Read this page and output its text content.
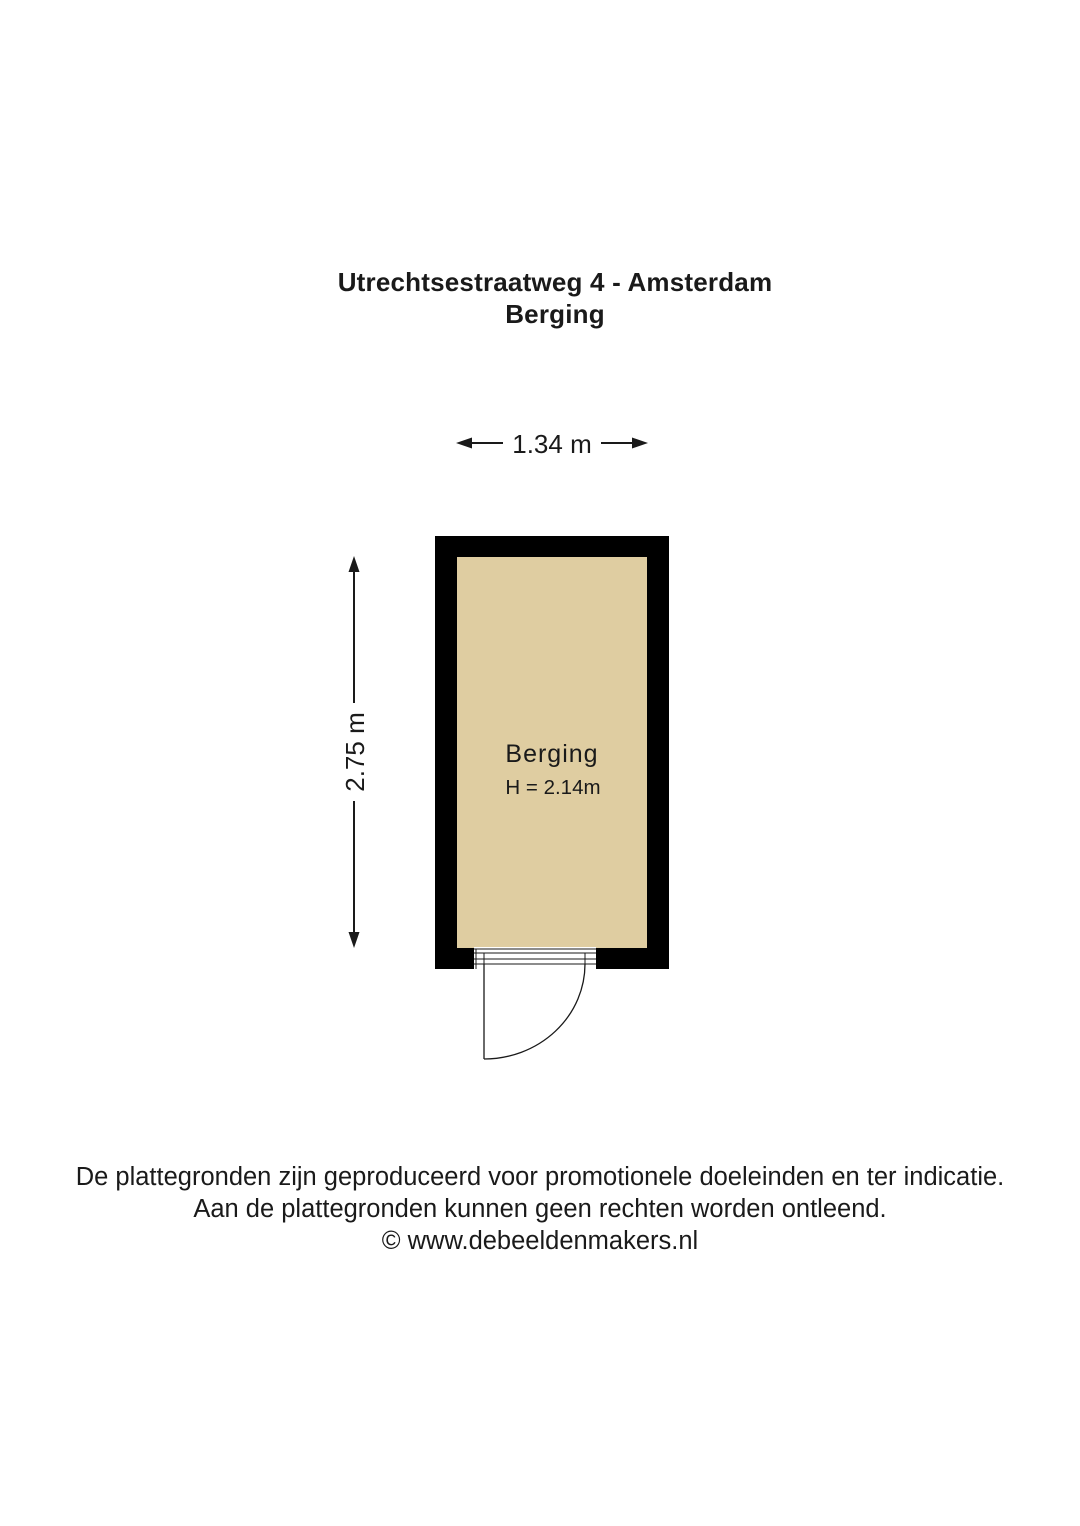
Utrechtsestraatweg 4 - Amsterdam
Berging
1.34 m
2.75 m	Berging
H = 2.14m
De plattegronden zijn geproduceerd voor promotionele doeleinden en ter indicatie.
Aan de plattegronden kunnen geen rechten worden ontleend.
© www.debeeldenmakers.nl
